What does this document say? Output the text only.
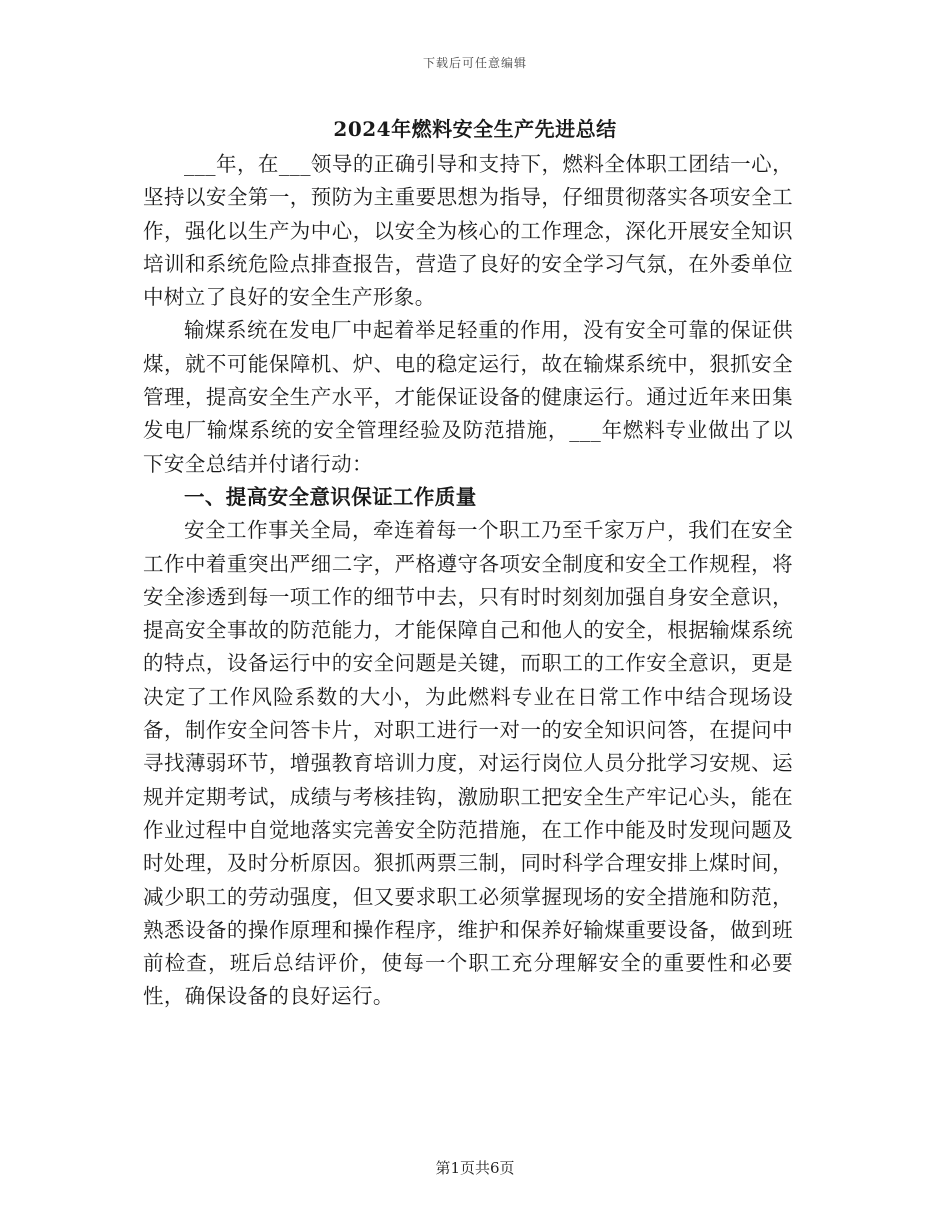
下载后可任意编辑
2024年燃料安全生产先进总结

___年，在___领导的正确引导和支持下，燃料全体职工团结一心，坚持以安全第一，预防为主重要思想为指导，仔细贯彻落实各项安全工作，强化以生产为中心，以安全为核心的工作理念，深化开展安全知识培训和系统危险点排查报告，营造了良好的安全学习气氛，在外委单位中树立了良好的安全生产形象。

输煤系统在发电厂中起着举足轻重的作用，没有安全可靠的保证供煤，就不可能保障机、炉、电的稳定运行，故在输煤系统中，狠抓安全管理，提高安全生产水平，才能保证设备的健康运行。通过近年来田集发电厂输煤系统的安全管理经验及防范措施，___年燃料专业做出了以下安全总结并付诸行动：

一、提高安全意识保证工作质量

安全工作事关全局，牵连着每一个职工乃至千家万户，我们在安全工作中着重突出严细二字，严格遵守各项安全制度和安全工作规程，将安全渗透到每一项工作的细节中去，只有时时刻刻加强自身安全意识，提高安全事故的防范能力，才能保障自己和他人的安全，根据输煤系统的特点，设备运行中的安全问题是关键，而职工的工作安全意识，更是决定了工作风险系数的大小，为此燃料专业在日常工作中结合现场设备，制作安全问答卡片，对职工进行一对一的安全知识问答，在提问中寻找薄弱环节，增强教育培训力度，对运行岗位人员分批学习安规、运规并定期考试，成绩与考核挂钩，激励职工把安全生产牢记心头，能在作业过程中自觉地落实完善安全防范措施，在工作中能及时发现问题及时处理，及时分析原因。狠抓两票三制，同时科学合理安排上煤时间，减少职工的劳动强度，但又要求职工必须掌握现场的安全措施和防范，熟悉设备的操作原理和操作程序，维护和保养好输煤重要设备，做到班前检查，班后总结评价，使每一个职工充分理解安全的重要性和必要性，确保设备的良好运行。

第1页共6页
